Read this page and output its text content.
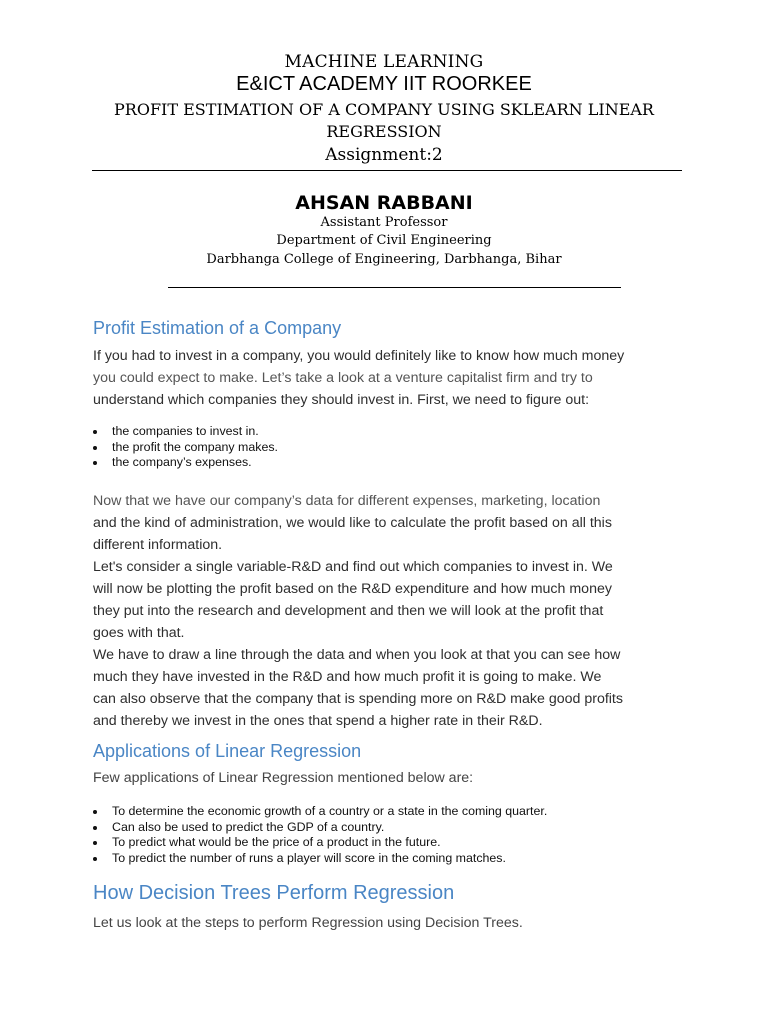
MACHINE LEARNING
E&ICT ACADEMY IIT ROORKEE
PROFIT ESTIMATION OF A COMPANY USING SKLEARN LINEAR
REGRESSION
Assignment:2
AHSAN RABBANI
Assistant Professor
Department of Civil Engineering
Darbhanga College of Engineering, Darbhanga, Bihar
Profit Estimation of a Company
If you had to invest in a company, you would definitely like to know how much money
you could expect to make. Let’s take a look at a venture capitalist firm and try to
understand which companies they should invest in. First, we need to figure out:
the companies to invest in.
the profit the company makes.
the company’s expenses.
Now that we have our company’s data for different expenses, marketing, location
and the kind of administration, we would like to calculate the profit based on all this
different information.
Let's consider a single variable-R&D and find out which companies to invest in. We
will now be plotting the profit based on the R&D expenditure and how much money
they put into the research and development and then we will look at the profit that
goes with that.
We have to draw a line through the data and when you look at that you can see how
much they have invested in the R&D and how much profit it is going to make. We
can also observe that the company that is spending more on R&D make good profits
and thereby we invest in the ones that spend a higher rate in their R&D.
Applications of Linear Regression
Few applications of Linear Regression mentioned below are:
To determine the economic growth of a country or a state in the coming quarter.
Can also be used to predict the GDP of a country.
To predict what would be the price of a product in the future.
To predict the number of runs a player will score in the coming matches.
How Decision Trees Perform Regression
Let us look at the steps to perform Regression using Decision Trees.
